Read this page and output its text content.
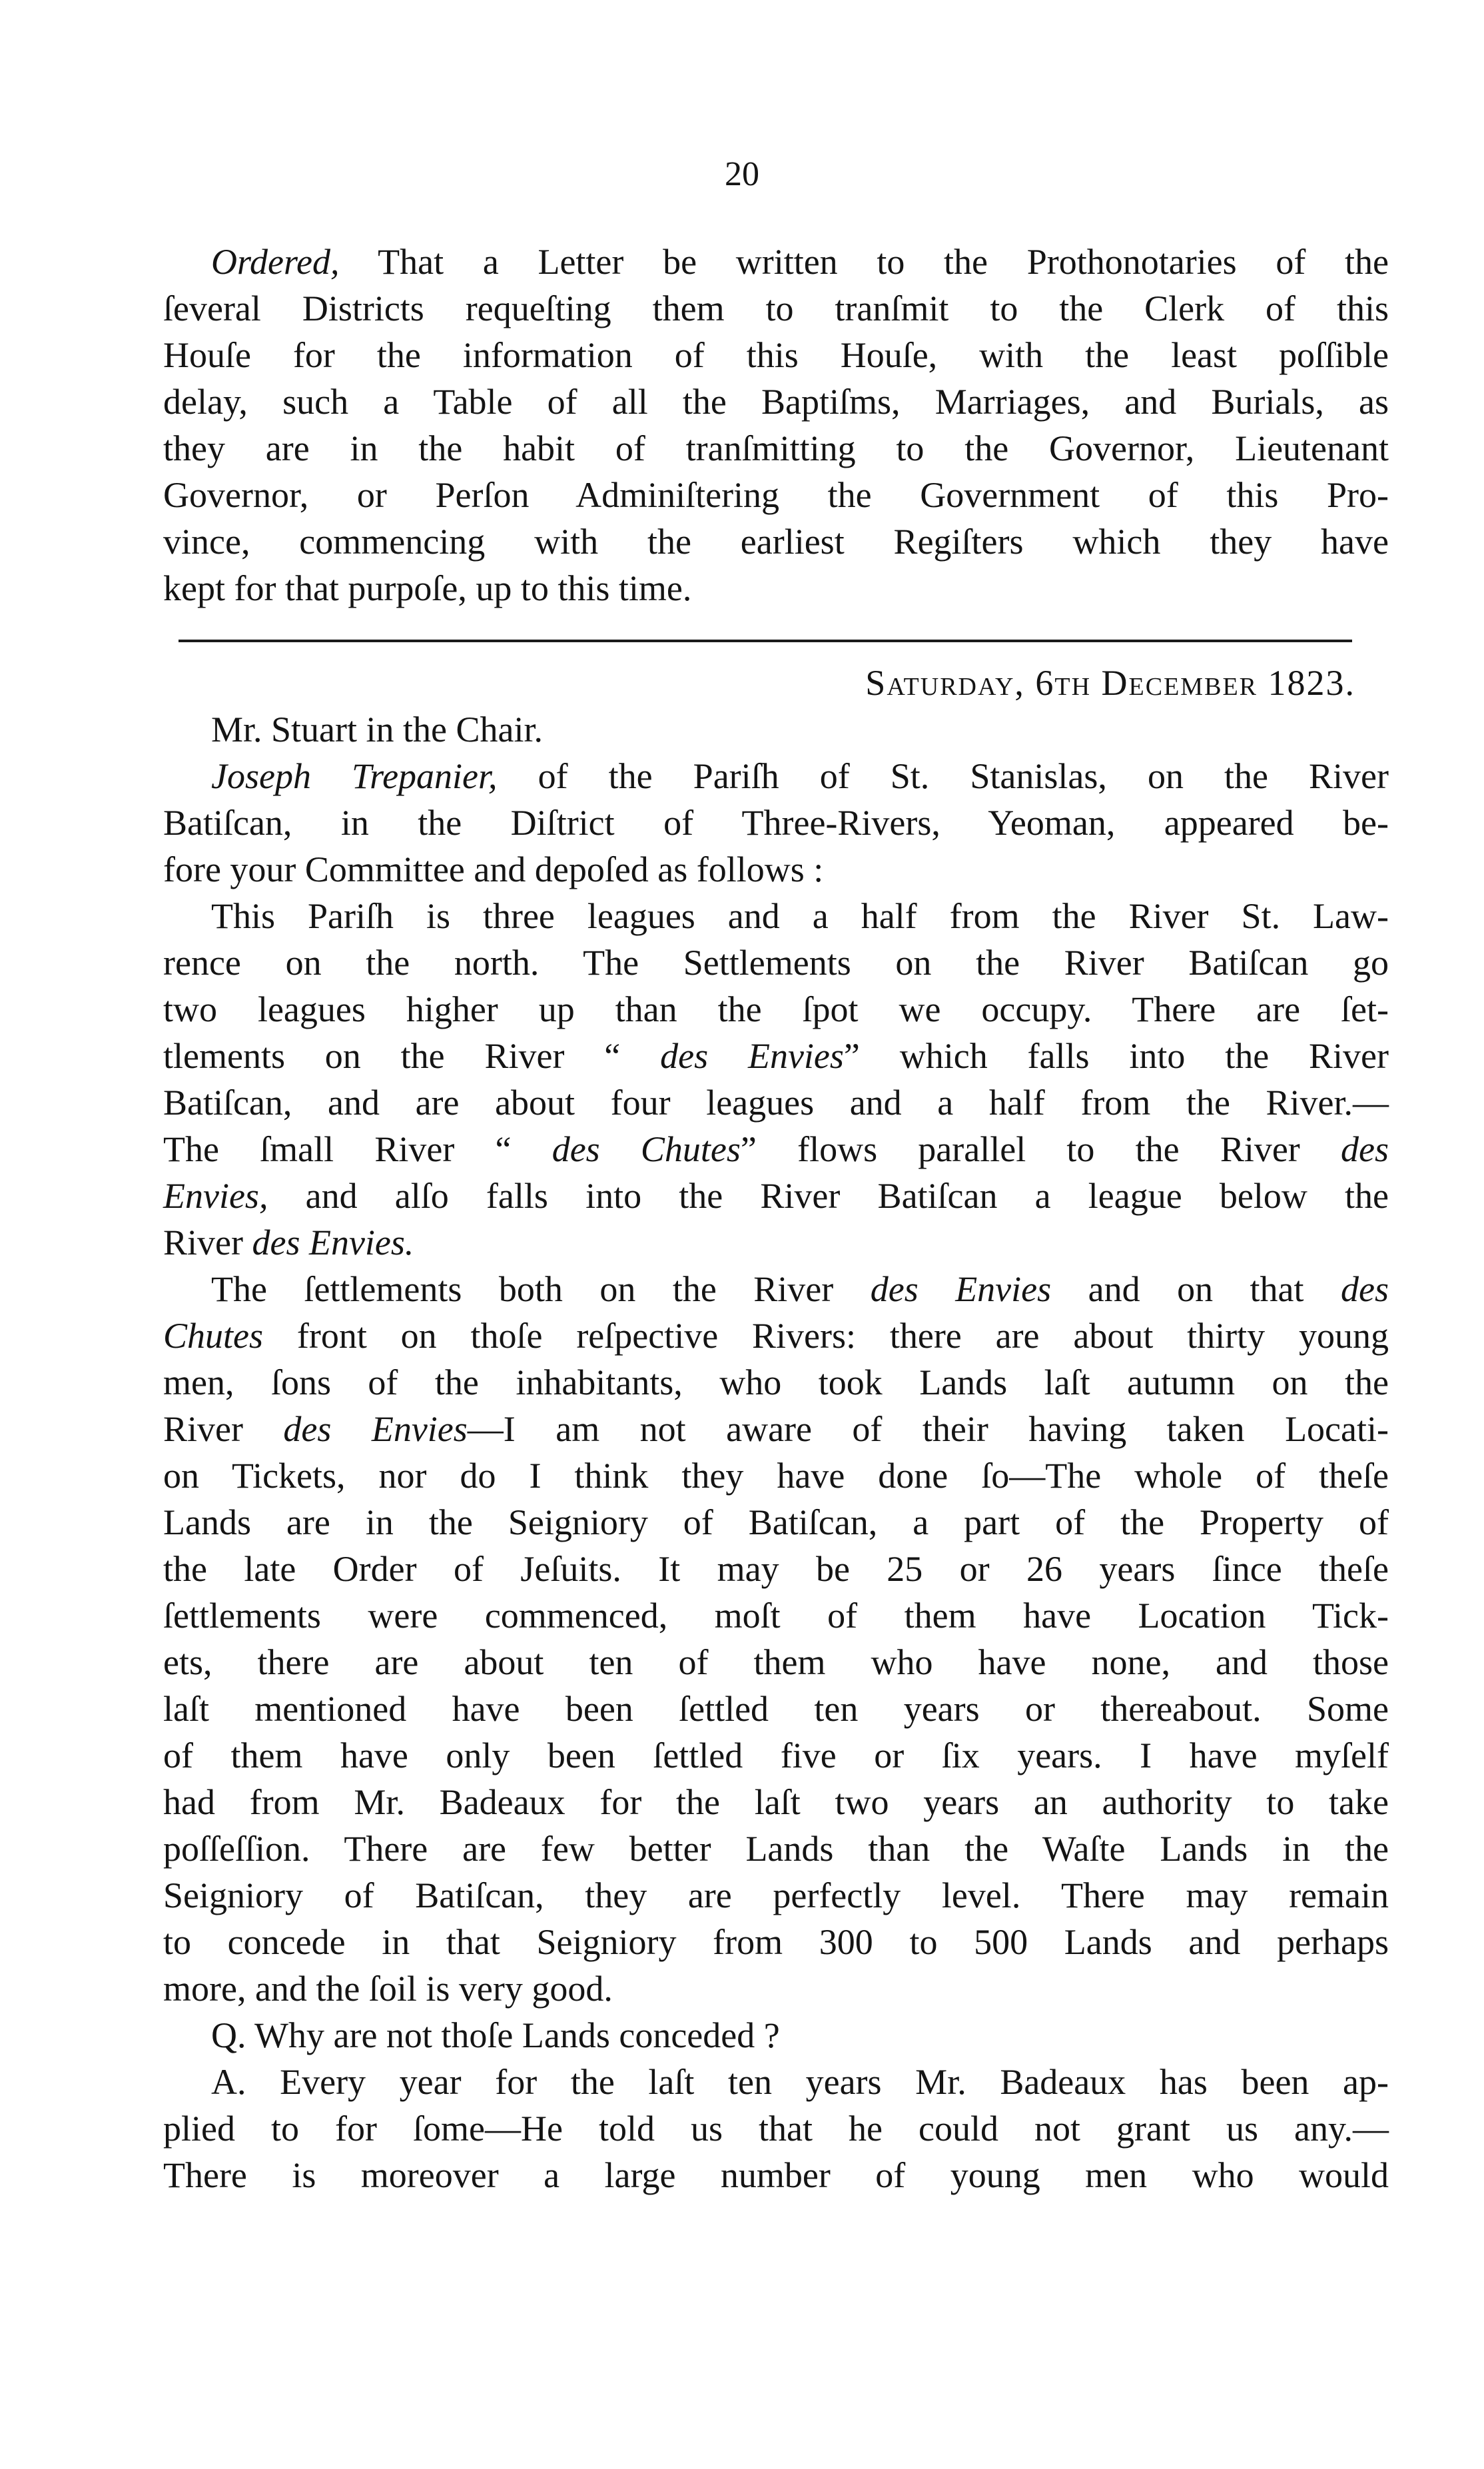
20

Ordered, That a Letter be written to the Prothonotaries of the

ſeveral Districts requeſting them to tranſmit to the Clerk of this

Houſe for the information of this Houſe, with the least poſſible

delay, such a Table of all the Baptiſms, Marriages, and Burials, as

they are in the habit of tranſmitting to the Governor, Lieutenant

Governor, or Perſon Adminiſtering the Government of this Pro-

vince, commencing with the earliest Regiſters which they have

kept for that purpoſe, up to this time.

Saturday, 6th December 1823.

Mr. Stuart in the Chair.

Joseph Trepanier, of the Pariſh of St. Stanislas, on the River

Batiſcan, in the Diſtrict of Three-Rivers, Yeoman, appeared be-

fore your Committee and depoſed as follows :

This Pariſh is three leagues and a half from the River St. Law-

rence on the north. The Settlements on the River Batiſcan go

two leagues higher up than the ſpot we occupy. There are ſet-

tlements on the River “ des Envies” which falls into the River

Batiſcan, and are about four leagues and a half from the River.—

The ſmall River “ des Chutes” flows parallel to the River des

Envies, and alſo falls into the River Batiſcan a league below the

River des Envies.

The ſettlements both on the River des Envies and on that des

Chutes front on thoſe reſpective Rivers: there are about thirty young

men, ſons of the inhabitants, who took Lands laſt autumn on the

River des Envies—I am not aware of their having taken Locati-

on Tickets, nor do I think they have done ſo—The whole of theſe

Lands are in the Seigniory of Batiſcan, a part of the Property of

the late Order of Jeſuits. It may be 25 or 26 years ſince theſe

ſettlements were commenced, moſt of them have Location Tick-

ets, there are about ten of them who have none, and those

laſt mentioned have been ſettled ten years or thereabout. Some

of them have only been ſettled five or ſix years. I have myſelf

had from Mr. Badeaux for the laſt two years an authority to take

poſſeſſion. There are few better Lands than the Waſte Lands in the

Seigniory of Batiſcan, they are perfectly level. There may remain

to concede in that Seigniory from 300 to 500 Lands and perhaps

more, and the ſoil is very good.

Q. Why are not thoſe Lands conceded ?

A. Every year for the laſt ten years Mr. Badeaux has been ap-

plied to for ſome—He told us that he could not grant us any.—

There is moreover a large number of young men who would
